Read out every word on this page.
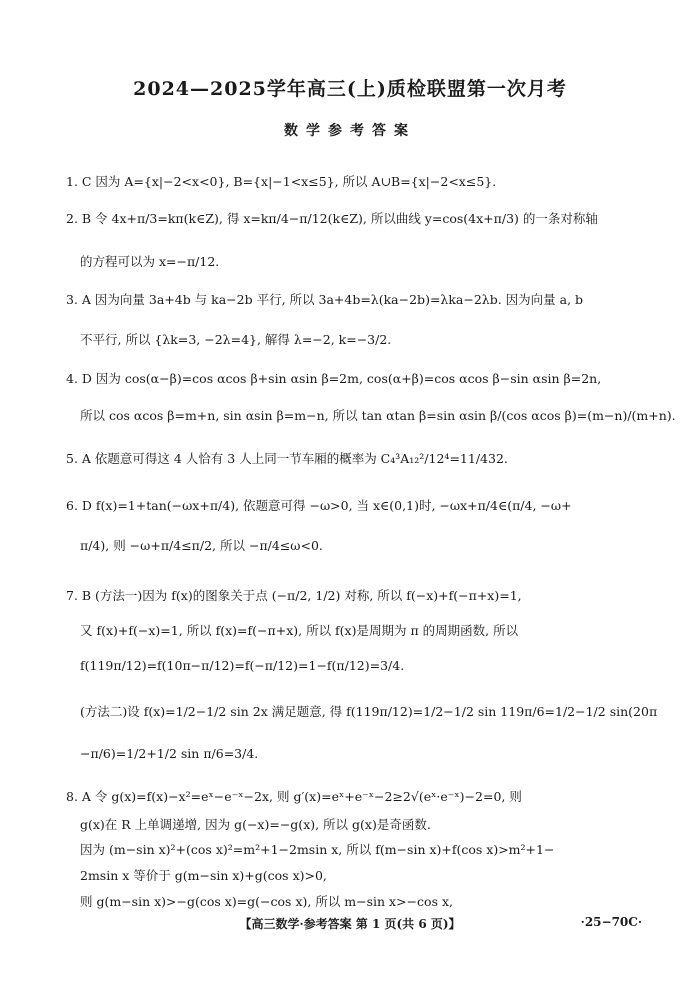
2024—2025学年高三(上)质检联盟第一次月考
数学参考答案
1. C 因为 A={x|−2<x<0}, B={x|−1<x≤5}, 所以 A∪B={x|−2<x≤5}.
2. B 令 4x+π/3=kπ(k∈Z), 得 x=kπ/4−π/12(k∈Z), 所以曲线 y=cos(4x+π/3) 的一条对称轴
的方程可以为 x=−π/12.
3. A 因为向量 3a+4b 与 ka−2b 平行, 所以 3a+4b=λ(ka−2b)=λka−2λb. 因为向量 a, b
不平行, 所以 {λk=3, −2λ=4}, 解得 λ=−2, k=−3/2.
4. D 因为 cos(α−β)=cos αcos β+sin αsin β=2m, cos(α+β)=cos αcos β−sin αsin β=2n,
所以 cos αcos β=m+n, sin αsin β=m−n, 所以 tan αtan β=sin αsin β/(cos αcos β)=(m−n)/(m+n).
5. A 依题意可得这 4 人恰有 3 人上同一节车厢的概率为 C₄³A₁₂²/12⁴=11/432.
6. D f(x)=1+tan(−ωx+π/4), 依题意可得 −ω>0, 当 x∈(0,1)时, −ωx+π/4∈(π/4, −ω+
π/4), 则 −ω+π/4≤π/2, 所以 −π/4≤ω<0.
7. B (方法一)因为 f(x)的图象关于点 (−π/2, 1/2) 对称, 所以 f(−x)+f(−π+x)=1,
又 f(x)+f(−x)=1, 所以 f(x)=f(−π+x), 所以 f(x)是周期为 π 的周期函数, 所以
f(119π/12)=f(10π−π/12)=f(−π/12)=1−f(π/12)=3/4.
(方法二)设 f(x)=1/2−1/2 sin 2x 满足题意, 得 f(119π/12)=1/2−1/2 sin 119π/6=1/2−1/2 sin(20π
−π/6)=1/2+1/2 sin π/6=3/4.
8. A 令 g(x)=f(x)−x²=eˣ−e⁻ˣ−2x, 则 g′(x)=eˣ+e⁻ˣ−2≥2√(eˣ·e⁻ˣ)−2=0, 则
g(x)在 R 上单调递增, 因为 g(−x)=−g(x), 所以 g(x)是奇函数.
因为 (m−sin x)²+(cos x)²=m²+1−2msin x, 所以 f(m−sin x)+f(cos x)>m²+1−
2msin x 等价于 g(m−sin x)+g(cos x)>0,
则 g(m−sin x)>−g(cos x)=g(−cos x), 所以 m−sin x>−cos x,
【高三数学·参考答案 第 1 页(共 6 页)】	·25−70C·
